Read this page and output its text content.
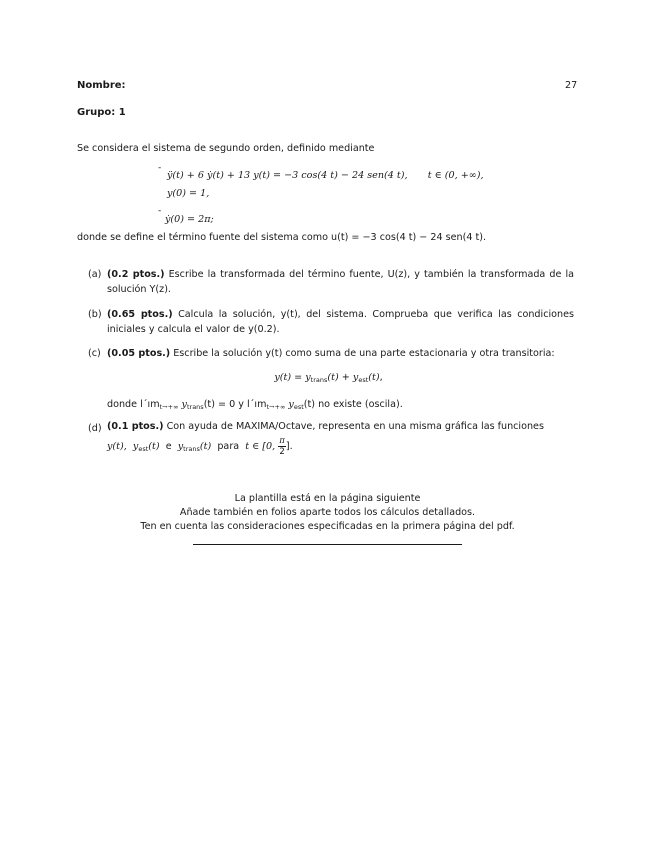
Nombre:	27
Grupo: 1
Se considera el sistema de segundo orden, definido mediante
-
ÿ(t) + 6 ẏ(t) + 13 y(t) = −3 cos(4 t) − 24 sen(4 t), t ∈ (0, +∞),
y(0) = 1,
-
ẏ(0) = 2π;
donde se define el término fuente del sistema como u(t) = −3 cos(4 t) − 24 sen(4 t).
(a) (0.2 ptos.) Escribe la transformada del término fuente, U(z), y también la transformada de la solución Y(z).
(b) (0.65 ptos.) Calcula la solución, y(t), del sistema. Comprueba que verifica las condiciones iniciales y calcula el valor de y(0.2).
(c) (0.05 ptos.) Escribe la solución y(t) como suma de una parte estacionaria y otra transitoria:
$y(t) = y_{trans}(t) + y_{est}(t)$,
donde $l´ım_{t\to+\infty}$ $y_{trans}(t) = 0$ y $l´ım_{t\to+\infty}$ $y_{est}(t)$ no existe (oscila).
(d) (0.1 ptos.) Con ayuda de MAXIMA/Octave, representa en una misma gráfica las funciones
y(t), $y_{est}(t)$ e $y_{trans}(t)$ para t ∈ [0, $\frac{\pi}{2}$ ].
La plantilla está en la página siguiente
Añade también en folios aparte todos los cálculos detallados.
Ten en cuenta las consideraciones especificadas en la primera página del pdf.
